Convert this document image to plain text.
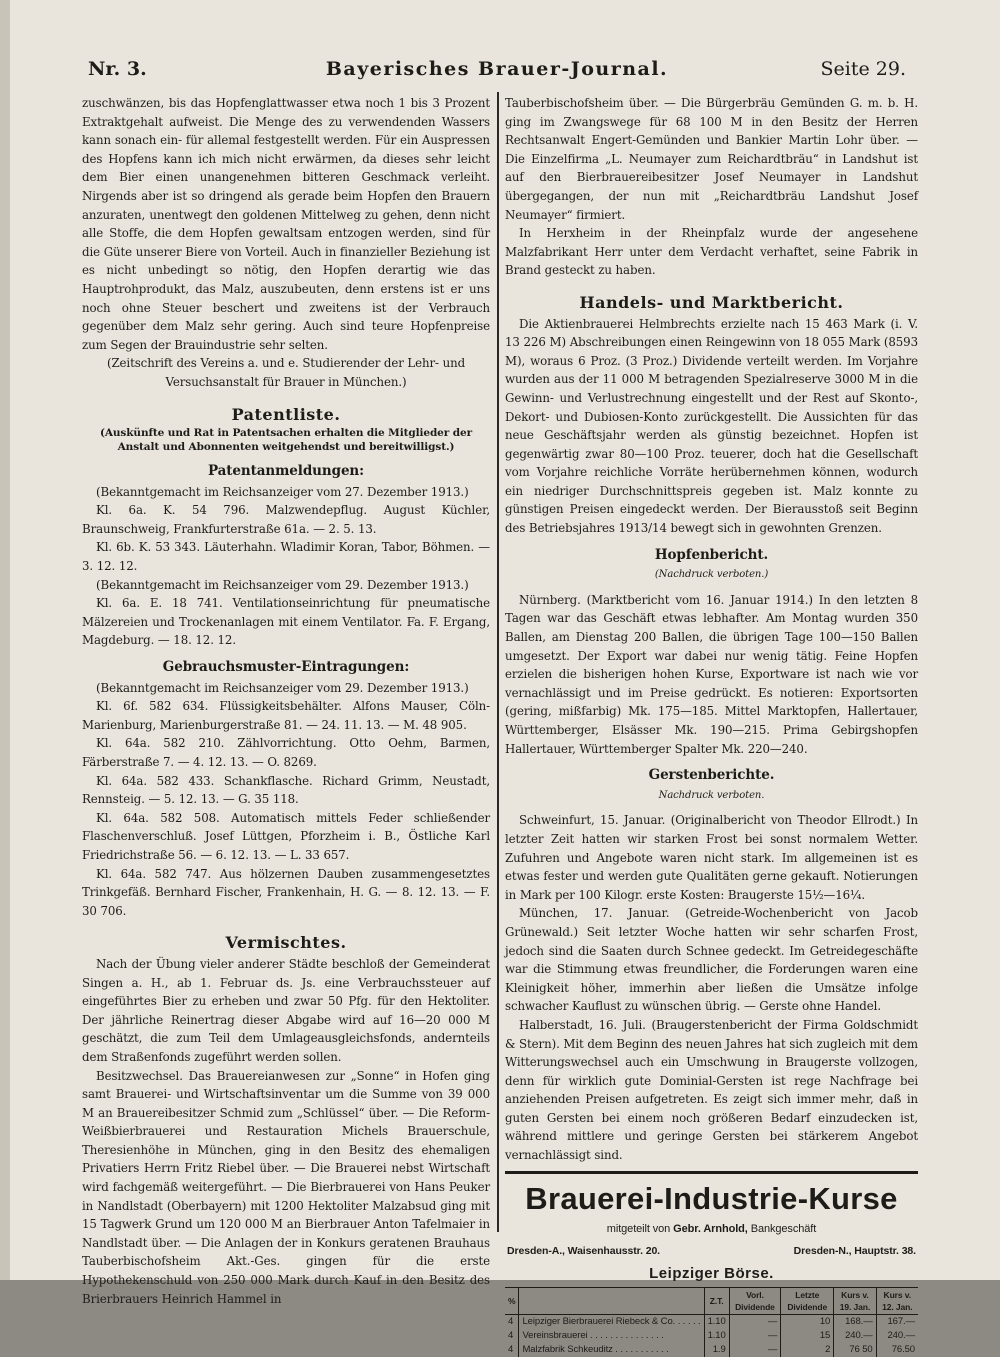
Nr. 3.	Bayerisches Brauer-Journal.	Seite 29.

zuschwänzen, bis das Hopfenglattwasser etwa noch 1 bis 3 Prozent Extraktgehalt aufweist. Die Menge des zu verwendenden Wassers kann sonach ein- für allemal festgestellt werden. Für ein Auspressen des Hopfens kann ich mich nicht erwärmen, da dieses sehr leicht dem Bier einen unangenehmen bitteren Geschmack verleiht. Nirgends aber ist so dringend als gerade beim Hopfen den Brauern anzuraten, unentwegt den goldenen Mittelweg zu gehen, denn nicht alle Stoffe, die dem Hopfen gewaltsam entzogen werden, sind für die Güte unserer Biere von Vorteil. Auch in finanzieller Beziehung ist es nicht unbedingt so nötig, den Hopfen derartig wie das Hauptrohprodukt, das Malz, auszubeuten, denn erstens ist er uns noch ohne Steuer beschert und zweitens ist der Verbrauch gegenüber dem Malz sehr gering. Auch sind teure Hopfenpreise zum Segen der Brauindustrie sehr selten.

(Zeitschrift des Vereins a. und e. Studierender der Lehr- und Versuchsanstalt für Brauer in München.)

Patentliste.
(Auskünfte und Rat in Patentsachen erhalten die Mitglieder der Anstalt und Abonnenten weitgehendst und bereitwilligst.)
Patentanmeldungen:

(Bekanntgemacht im Reichsanzeiger vom 27. Dezember 1913.)

Kl. 6a. K. 54 796. Malzwendepflug. August Küchler, Braunschweig, Frankfurterstraße 61a. — 2. 5. 13.

Kl. 6b. K. 53 343. Läuterhahn. Wladimir Koran, Tabor, Böhmen. — 3. 12. 12.

(Bekanntgemacht im Reichsanzeiger vom 29. Dezember 1913.)

Kl. 6a. E. 18 741. Ventilationseinrichtung für pneumatische Mälzereien und Trockenanlagen mit einem Ventilator. Fa. F. Ergang, Magdeburg. — 18. 12. 12.

Gebrauchsmuster-Eintragungen:

(Bekanntgemacht im Reichsanzeiger vom 29. Dezember 1913.)

Kl. 6f. 582 634. Flüssigkeitsbehälter. Alfons Mauser, Cöln-Marienburg, Marienburgerstraße 81. — 24. 11. 13. — M. 48 905.

Kl. 64a. 582 210. Zählvorrichtung. Otto Oehm, Barmen, Färberstraße 7. — 4. 12. 13. — O. 8269.

Kl. 64a. 582 433. Schankflasche. Richard Grimm, Neustadt, Rennsteig. — 5. 12. 13. — G. 35 118.

Kl. 64a. 582 508. Automatisch mittels Feder schließender Flaschenverschluß. Josef Lüttgen, Pforzheim i. B., Östliche Karl Friedrichstraße 56. — 6. 12. 13. — L. 33 657.

Kl. 64a. 582 747. Aus hölzernen Dauben zusammengesetztes Trinkgefäß. Bernhard Fischer, Frankenhain, H. G. — 8. 12. 13. — F. 30 706.

Vermischtes.

Nach der Übung vieler anderer Städte beschloß der Gemeinderat Singen a. H., ab 1. Februar ds. Js. eine Verbrauchssteuer auf eingeführtes Bier zu erheben und zwar 50 Pfg. für den Hektoliter. Der jährliche Reinertrag dieser Abgabe wird auf 16—20 000 M geschätzt, die zum Teil dem Umlageausgleichsfonds, andernteils dem Straßenfonds zugeführt werden sollen.

Besitzwechsel. Das Brauereianwesen zur „Sonne“ in Hofen ging samt Brauerei- und Wirtschaftsinventar um die Summe von 39 000 M an Brauereibesitzer Schmid zum „Schlüssel“ über. — Die Reform-Weißbierbrauerei und Restauration Michels Brauerschule, Theresienhöhe in München, ging in den Besitz des ehemaligen Privatiers Herrn Fritz Riebel über. — Die Brauerei nebst Wirtschaft wird fachgemäß weitergeführt. — Die Bierbrauerei von Hans Peuker in Nandlstadt (Oberbayern) mit 1200 Hektoliter Malzabsud ging mit 15 Tagwerk Grund um 120 000 M an Bierbrauer Anton Tafelmaier in Nandlstadt über. — Die Anlagen der in Konkurs geratenen Brauhaus Tauberbischofsheim Akt.-Ges. gingen für die erste Hypothekenschuld von 250 000 Mark durch Kauf in den Besitz des Brierbrauers Heinrich Hammel in

Tauberbischofsheim über. — Die Bürgerbräu Gemünden G. m. b. H. ging im Zwangswege für 68 100 M in den Besitz der Herren Rechtsanwalt Engert-Gemünden und Bankier Martin Lohr über. — Die Einzelfirma „L. Neumayer zum Reichardtbräu“ in Landshut ist auf den Bierbrauereibesitzer Josef Neumayer in Landshut übergegangen, der nun mit „Reichardtbräu Landshut Josef Neumayer“ firmiert.

In Herxheim in der Rheinpfalz wurde der angesehene Malzfabrikant Herr unter dem Verdacht verhaftet, seine Fabrik in Brand gesteckt zu haben.

Handels- und Marktbericht.

Die Aktienbrauerei Helmbrechts erzielte nach 15 463 Mark (i. V. 13 226 M) Abschreibungen einen Reingewinn von 18 055 Mark (8593 M), woraus 6 Proz. (3 Proz.) Dividende verteilt werden. Im Vorjahre wurden aus der 11 000 M betragenden Spezialreserve 3000 M in die Gewinn- und Verlustrechnung eingestellt und der Rest auf Skonto-, Dekort- und Dubiosen-Konto zurückgestellt. Die Aussichten für das neue Geschäftsjahr werden als günstig bezeichnet. Hopfen ist gegenwärtig zwar 80—100 Proz. teuerer, doch hat die Gesellschaft vom Vorjahre reichliche Vorräte herübernehmen können, wodurch ein niedriger Durchschnittspreis gegeben ist. Malz konnte zu günstigen Preisen eingedeckt werden. Der Bierausstoß seit Beginn des Betriebsjahres 1913/14 bewegt sich in gewohnten Grenzen.

Hopfenbericht.
(Nachdruck verboten.)

Nürnberg. (Marktbericht vom 16. Januar 1914.) In den letzten 8 Tagen war das Geschäft etwas lebhafter. Am Montag wurden 350 Ballen, am Dienstag 200 Ballen, die übrigen Tage 100—150 Ballen umgesetzt. Der Export war dabei nur wenig tätig. Feine Hopfen erzielen die bisherigen hohen Kurse, Exportware ist nach wie vor vernachlässigt und im Preise gedrückt. Es notieren: Exportsorten (gering, mißfarbig) Mk. 175—185. Mittel Marktopfen, Hallertauer, Württemberger, Elsässer Mk. 190—215. Prima Gebirgshopfen Hallertauer, Württemberger Spalter Mk. 220—240.

Gerstenberichte.
Nachdruck verboten.

Schweinfurt, 15. Januar. (Originalbericht von Theodor Ellrodt.) In letzter Zeit hatten wir starken Frost bei sonst normalem Wetter. Zufuhren und Angebote waren nicht stark. Im allgemeinen ist es etwas fester und werden gute Qualitäten gerne gekauft. Notierungen in Mark per 100 Kilogr. erste Kosten: Braugerste 15½—16¼.

München, 17. Januar. (Getreide-Wochenbericht von Jacob Grünewald.) Seit letzter Woche hatten wir sehr scharfen Frost, jedoch sind die Saaten durch Schnee gedeckt. Im Getreidegeschäfte war die Stimmung etwas freundlicher, die Forderungen waren eine Kleinigkeit höher, immerhin aber ließen die Umsätze infolge schwacher Kauflust zu wünschen übrig. — Gerste ohne Handel.

Halberstadt, 16. Juli. (Braugerstenbericht der Firma Goldschmidt & Stern). Mit dem Beginn des neuen Jahres hat sich zugleich mit dem Witterungswechsel auch ein Umschwung in Braugerste vollzogen, denn für wirklich gute Dominial-Gersten ist rege Nachfrage bei anziehenden Preisen aufgetreten. Es zeigt sich immer mehr, daß in guten Gersten bei einem noch größeren Bedarf einzudecken ist, während mittlere und geringe Gersten bei stärkerem Angebot vernachlässigt sind.

Brauerei-Industrie-Kurse
mitgeteilt von Gebr. Arnhold, Bankgeschäft
Dresden-A., Waisenhausstr. 20.	Dresden-N., Hauptstr. 38.
Leipziger Börse.
%		Z.T.	Vorl. Dividende	Letzte Dividende	Kurs v. 19. Jan.	Kurs v. 12. Jan.
4	Leipziger Bierbrauerei Riebeck & Co. . . . . .	1.10	—	10	168.—	167.—
4	Vereinsbrauerei . . . . . . . . . . . . . . .	1.10	—	15	240.—	240.—
4	Malzfabrik Schkeuditz . . . . . . . . . . .	1.9	—	2	76 50	76.50
